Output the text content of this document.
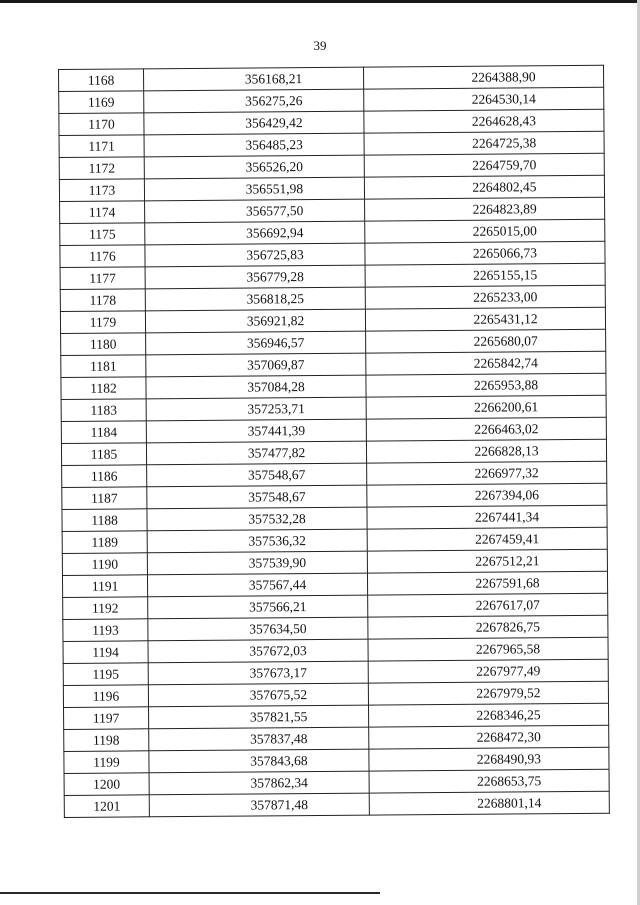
39
1168	356168,21	2264388,90
1169	356275,26	2264530,14
1170	356429,42	2264628,43
1171	356485,23	2264725,38
1172	356526,20	2264759,70
1173	356551,98	2264802,45
1174	356577,50	2264823,89
1175	356692,94	2265015,00
1176	356725,83	2265066,73
1177	356779,28	2265155,15
1178	356818,25	2265233,00
1179	356921,82	2265431,12
1180	356946,57	2265680,07
1181	357069,87	2265842,74
1182	357084,28	2265953,88
1183	357253,71	2266200,61
1184	357441,39	2266463,02
1185	357477,82	2266828,13
1186	357548,67	2266977,32
1187	357548,67	2267394,06
1188	357532,28	2267441,34
1189	357536,32	2267459,41
1190	357539,90	2267512,21
1191	357567,44	2267591,68
1192	357566,21	2267617,07
1193	357634,50	2267826,75
1194	357672,03	2267965,58
1195	357673,17	2267977,49
1196	357675,52	2267979,52
1197	357821,55	2268346,25
1198	357837,48	2268472,30
1199	357843,68	2268490,93
1200	357862,34	2268653,75
1201	357871,48	2268801,14
